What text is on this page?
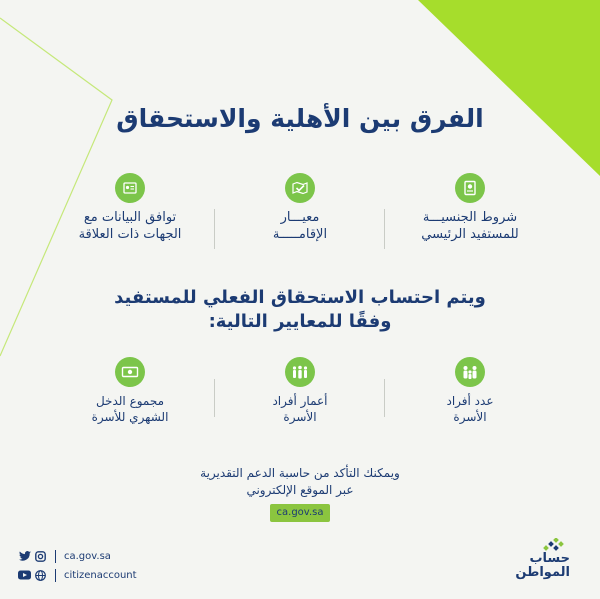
الفرق بين الأهلية والاستحقاق
شروط الجنسيـــة
للمستفيد الرئيسي
معيـــار
الإقامـــــة
توافق البيانات مع
الجهات ذات العلاقة
ويتم احتساب الاستحقاق الفعلي للمستفيد
وفقًا للمعايير التالية:
عدد أفراد
الأسرة
أعمار أفراد
الأسرة
مجموع الدخل
الشهري للأسرة
ويمكنك التأكد من حاسبة الدعم التقديرية
عبر الموقع الإلكتروني
ca.gov.sa
ca.gov.sa
citizenaccount
حساب
المواطن
